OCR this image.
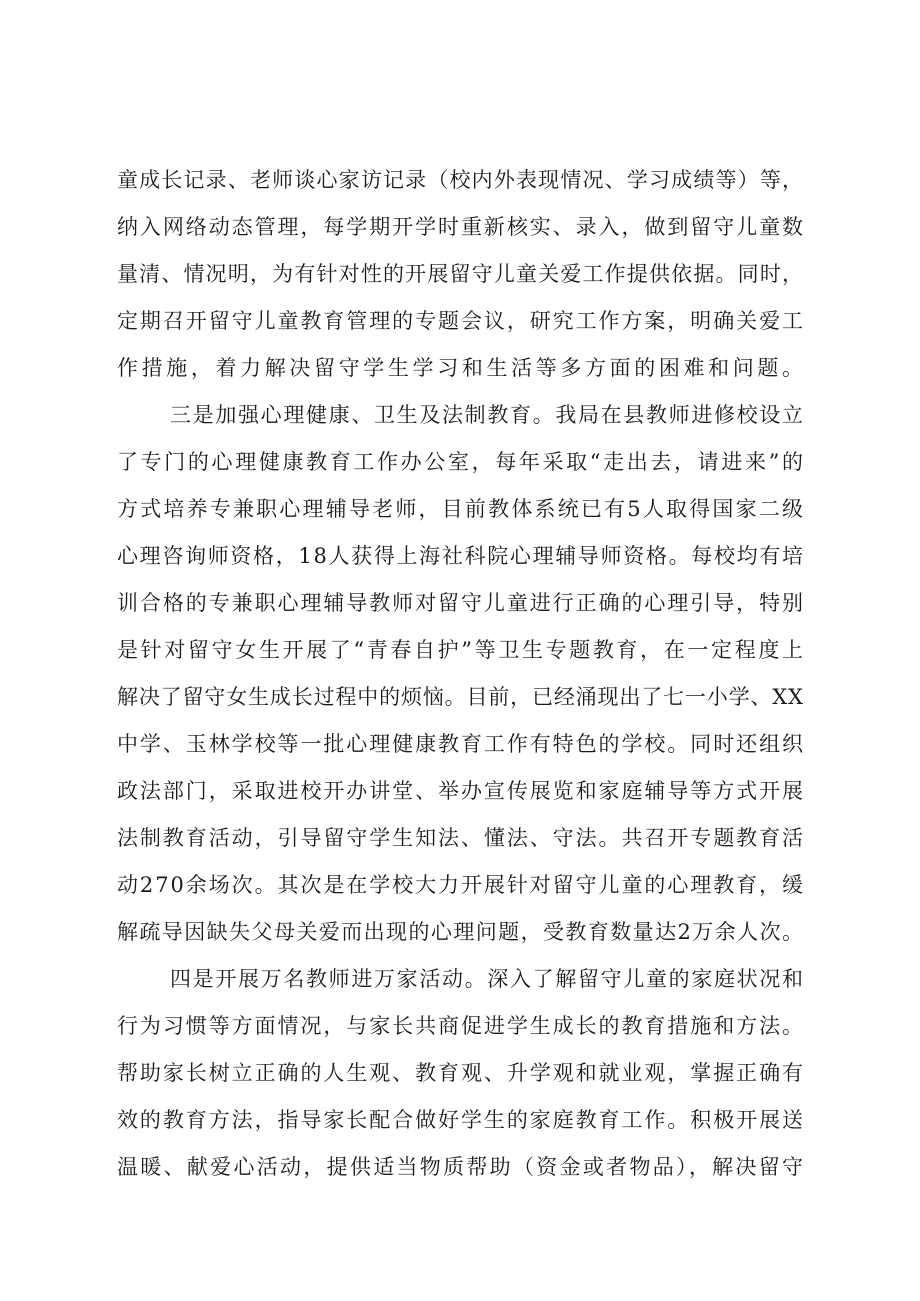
童成长记录、老师谈心家访记录（校内外表现情况、学习成绩等）等，
纳入网络动态管理，每学期开学时重新核实、录入，做到留守儿童数
量清、情况明，为有针对性的开展留守儿童关爱工作提供依据。同时，
定期召开留守儿童教育管理的专题会议，研究工作方案，明确关爱工
作措施，着力解决留守学生学习和生活等多方面的困难和问题。
三是加强心理健康、卫生及法制教育。我局在县教师进修校设立
了专门的心理健康教育工作办公室，每年采取“走出去，请进来”的
方式培养专兼职心理辅导老师，目前教体系统已有5人取得国家二级
心理咨询师资格，18人获得上海社科院心理辅导师资格。每校均有培
训合格的专兼职心理辅导教师对留守儿童进行正确的心理引导，特别
是针对留守女生开展了“青春自护”等卫生专题教育，在一定程度上
解决了留守女生成长过程中的烦恼。目前，已经涌现出了七一小学、XX
中学、玉林学校等一批心理健康教育工作有特色的学校。同时还组织
政法部门，采取进校开办讲堂、举办宣传展览和家庭辅导等方式开展
法制教育活动，引导留守学生知法、懂法、守法。共召开专题教育活
动270余场次。其次是在学校大力开展针对留守儿童的心理教育，缓
解疏导因缺失父母关爱而出现的心理问题，受教育数量达2万余人次。
四是开展万名教师进万家活动。深入了解留守儿童的家庭状况和
行为习惯等方面情况，与家长共商促进学生成长的教育措施和方法。
帮助家长树立正确的人生观、教育观、升学观和就业观，掌握正确有
效的教育方法，指导家长配合做好学生的家庭教育工作。积极开展送
温暖、献爱心活动，提供适当物质帮助（资金或者物品），解决留守
